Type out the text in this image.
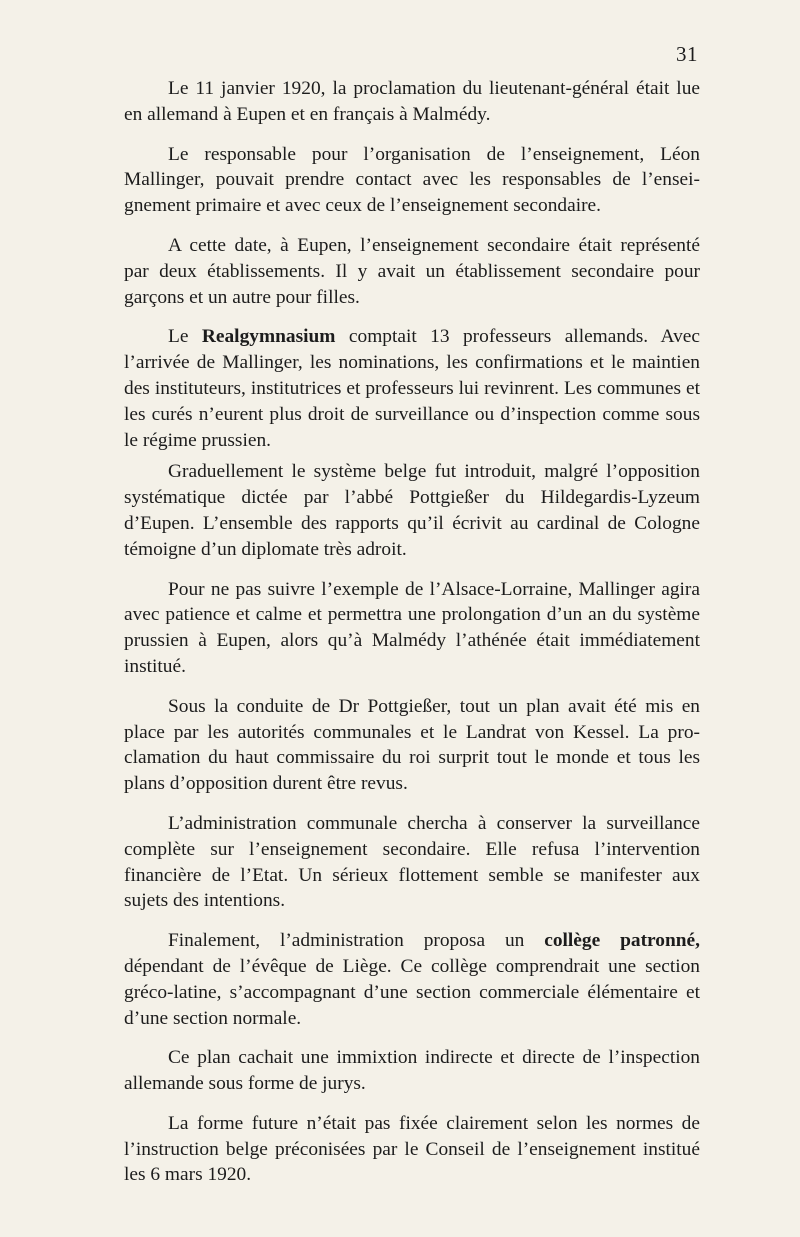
31

Le 11 janvier 1920, la proclamation du lieutenant-général était lue en allemand à Eupen et en français à Malmédy.

Le responsable pour l’organisation de l’enseignement, Léon Mallinger, pouvait prendre contact avec les responsables de l’enseignement primaire et avec ceux de l’enseignement secondaire.

A cette date, à Eupen, l’enseignement secondaire était représenté par deux établissements. Il y avait un établissement secondaire pour garçons et un autre pour filles.

Le Realgymnasium comptait 13 professeurs allemands. Avec l’arrivée de Mallinger, les nominations, les confirmations et le maintien des instituteurs, institutrices et professeurs lui revinrent. Les communes et les curés n’eurent plus droit de surveillance ou d’inspection comme sous le régime prussien.

Graduellement le système belge fut introduit, malgré l’opposition systématique dictée par l’abbé Pottgießer du Hildegardis-Lyzeum d’Eupen. L’ensemble des rapports qu’il écrivit au cardinal de Cologne témoigne d’un diplomate très adroit.

Pour ne pas suivre l’exemple de l’Alsace-Lorraine, Mallinger agira avec patience et calme et permettra une prolongation d’un an du système prussien à Eupen, alors qu’à Malmédy l’athénée était immédiatement institué.

Sous la conduite de Dr Pottgießer, tout un plan avait été mis en place par les autorités communales et le Landrat von Kessel. La proclamation du haut commissaire du roi surprit tout le monde et tous les plans d’opposition durent être revus.

L’administration communale chercha à conserver la surveillance complète sur l’enseignement secondaire. Elle refusa l’intervention financière de l’Etat. Un sérieux flottement semble se manifester aux sujets des intentions.

Finalement, l’administration proposa un collège patronné, dépendant de l’évêque de Liège. Ce collège comprendrait une section gréco-latine, s’accompagnant d’une section commerciale élémentaire et d’une section normale.

Ce plan cachait une immixtion indirecte et directe de l’inspection allemande sous forme de jurys.

La forme future n’était pas fixée clairement selon les normes de l’instruction belge préconisées par le Conseil de l’enseignement institué les 6 mars 1920.
